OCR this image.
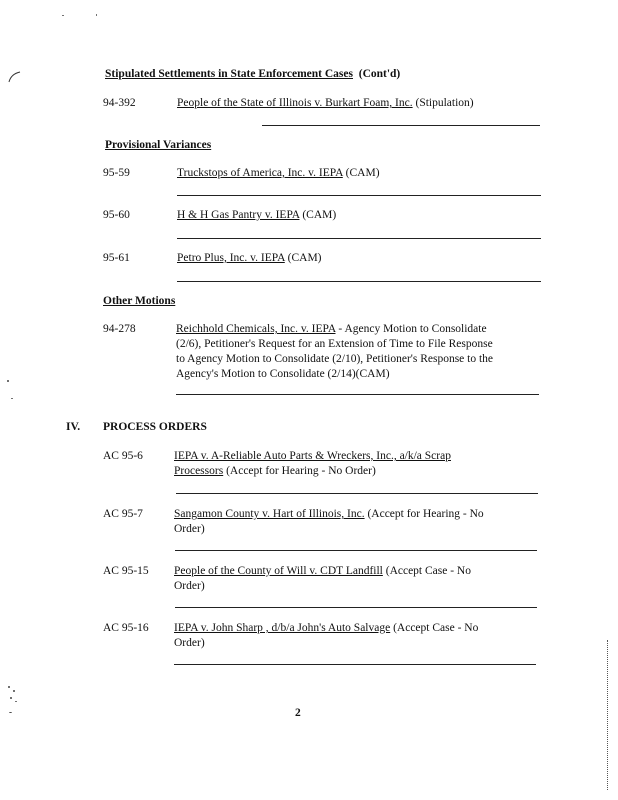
Stipulated Settlements in State Enforcement Cases (Cont'd)
94-392	People of the State of Illinois v. Burkart Foam, Inc. (Stipulation)
Provisional Variances
95-59	Truckstops of America, Inc. v. IEPA (CAM)
95-60	H & H Gas Pantry v. IEPA (CAM)
95-61	Petro Plus, Inc. v. IEPA (CAM)
Other Motions
94-278	Reichhold Chemicals, Inc. v. IEPA - Agency Motion to Consolidate
(2/6), Petitioner's Request for an Extension of Time to File Response
to Agency Motion to Consolidate (2/10), Petitioner's Response to the
Agency's Motion to Consolidate (2/14)(CAM)
IV. PROCESS ORDERS
AC 95-6	IEPA v. A-Reliable Auto Parts & Wreckers, Inc., a/k/a Scrap
Processors (Accept for Hearing - No Order)
AC 95-7	Sangamon County v. Hart of Illinois, Inc. (Accept for Hearing - No
Order)
AC 95-15 People of the County of Will v. CDT Landfill (Accept Case - No
Order)
AC 95-16 IEPA v. John Sharp , d/b/a John's Auto Salvage (Accept Case - No
Order)
2
